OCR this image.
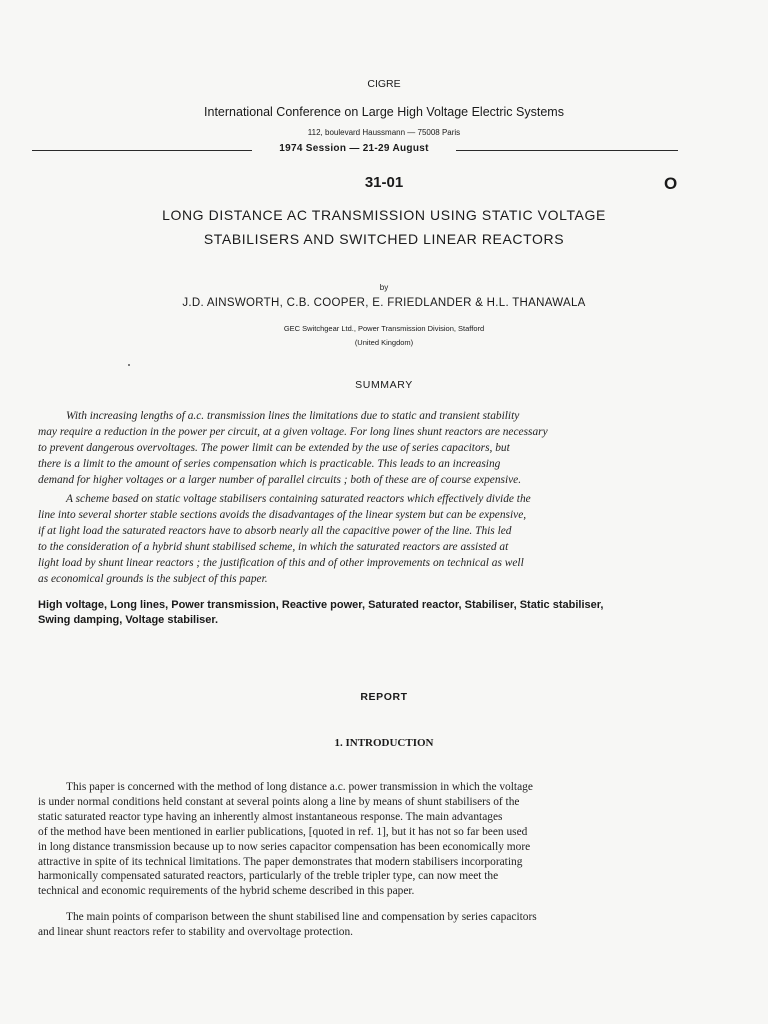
CIGRE
International Conference on Large High Voltage Electric Systems
112, boulevard Haussmann — 75008 Paris
1974 Session — 21-29 August
31-01	O
LONG DISTANCE AC TRANSMISSION USING STATIC VOLTAGE
STABILISERS AND SWITCHED LINEAR REACTORS
by
J.D. AINSWORTH, C.B. COOPER, E. FRIEDLANDER & H.L. THANAWALA
GEC Switchgear Ltd., Power Transmission Division, Stafford
(United Kingdom)
SUMMARY
With increasing lengths of a.c. transmission lines the limitations due to static and transient stability
may require a reduction in the power per circuit, at a given voltage. For long lines shunt reactors are necessary
to prevent dangerous overvoltages. The power limit can be extended by the use of series capacitors, but
there is a limit to the amount of series compensation which is practicable. This leads to an increasing
demand for higher voltages or a larger number of parallel circuits ; both of these are of course expensive.
A scheme based on static voltage stabilisers containing saturated reactors which effectively divide the
line into several shorter stable sections avoids the disadvantages of the linear system but can be expensive,
if at light load the saturated reactors have to absorb nearly all the capacitive power of the line. This led
to the consideration of a hybrid shunt stabilised scheme, in which the saturated reactors are assisted at
light load by shunt linear reactors ; the justification of this and of other improvements on technical as well
as economical grounds is the subject of this paper.
High voltage, Long lines, Power transmission, Reactive power, Saturated reactor, Stabiliser, Static stabiliser,
Swing damping, Voltage stabiliser.
REPORT
1. INTRODUCTION
This paper is concerned with the method of long distance a.c. power transmission in which the voltage
is under normal conditions held constant at several points along a line by means of shunt stabilisers of the
static saturated reactor type having an inherently almost instantaneous response. The main advantages
of the method have been mentioned in earlier publications, [quoted in ref. 1], but it has not so far been used
in long distance transmission because up to now series capacitor compensation has been economically more
attractive in spite of its technical limitations. The paper demonstrates that modern stabilisers incorporating
harmonically compensated saturated reactors, particularly of the treble tripler type, can now meet the
technical and economic requirements of the hybrid scheme described in this paper.
The main points of comparison between the shunt stabilised line and compensation by series capacitors
and linear shunt reactors refer to stability and overvoltage protection.
